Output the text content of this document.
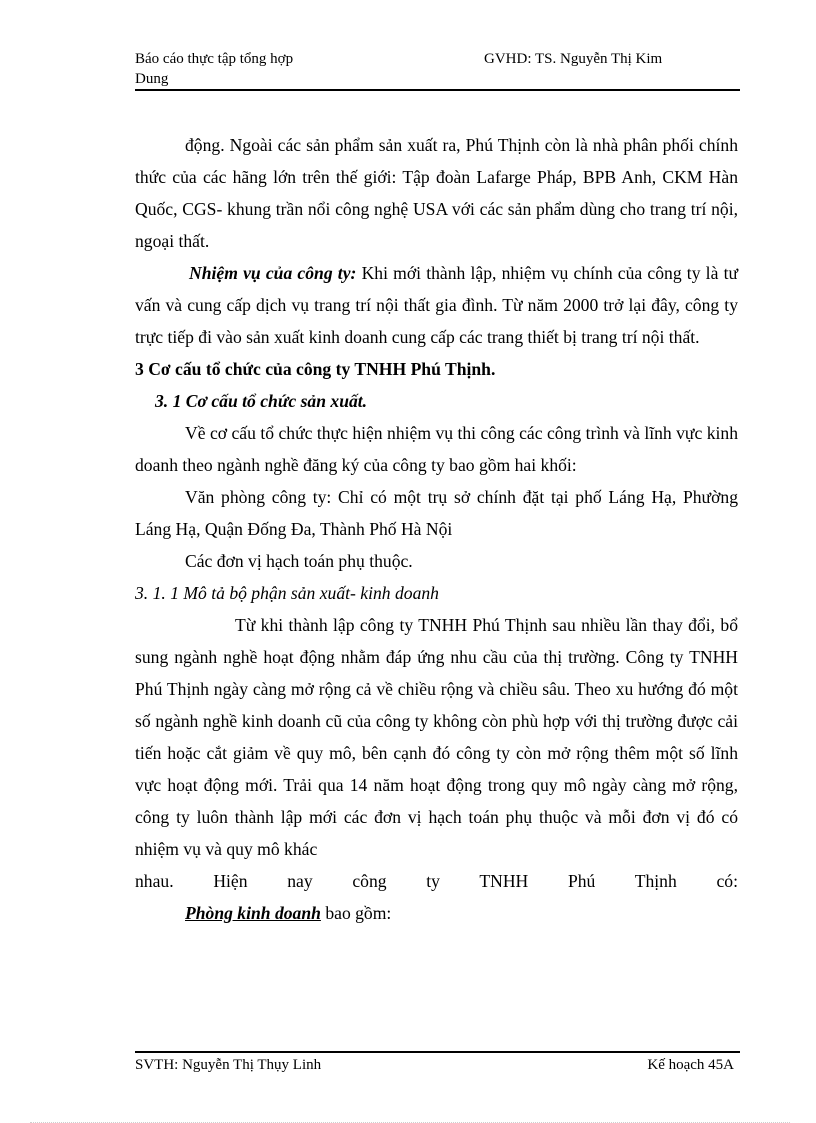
Báo cáo thực tập tổng hợp	GVHD: TS. Nguyễn Thị Kim
Dung

động. Ngoài các sản phẩm sản xuất ra, Phú Thịnh còn là nhà phân phối chính thức của các hãng lớn trên thế giới: Tập đoàn Lafarge Pháp, BPB Anh, CKM Hàn Quốc, CGS- khung trần nổi công nghệ USA với các sản phẩm dùng cho trang trí nội, ngoại thất.

Nhiệm vụ của công ty: Khi mới thành lập, nhiệm vụ chính của công ty là tư vấn và cung cấp dịch vụ trang trí nội thất gia đình. Từ năm 2000 trở lại đây, công ty trực tiếp đi vào sản xuất kinh doanh cung cấp các trang thiết bị trang trí nội thất.

3 Cơ cấu tổ chức của công ty TNHH Phú Thịnh.

3. 1 Cơ cấu tổ chức sản xuất.

Về cơ cấu tổ chức thực hiện nhiệm vụ thi công các công trình và lĩnh vực kinh doanh theo ngành nghề đăng ký của công ty bao gồm hai khối:

Văn phòng công ty: Chỉ có một trụ sở chính đặt tại phố Láng Hạ, Phường Láng Hạ, Quận Đống Đa, Thành Phố Hà Nội

Các đơn vị hạch toán phụ thuộc.

3. 1. 1 Mô tả bộ phận sản xuất- kinh doanh

Từ khi thành lập công ty TNHH Phú Thịnh sau nhiều lần thay đổi, bổ sung ngành nghề hoạt động nhằm đáp ứng nhu cầu của thị trường. Công ty TNHH Phú Thịnh ngày càng mở rộng cả về chiều rộng và chiều sâu. Theo xu hướng đó một số ngành nghề kinh doanh cũ của công ty không còn phù hợp với thị trường được cải tiến hoặc cắt giảm về quy mô, bên cạnh đó công ty còn mở rộng thêm một số lĩnh vực hoạt động mới. Trải qua 14 năm hoạt động trong quy mô ngày càng mở rộng, công ty luôn thành lập mới các đơn vị hạch toán phụ thuộc và mỗi đơn vị đó có nhiệm vụ và quy mô khác

nhau. Hiện nay công ty TNHH Phú Thịnh có:

Phòng kinh doanh bao gồm:

SVTH: Nguyễn Thị Thụy Linh	Kế hoạch 45A
